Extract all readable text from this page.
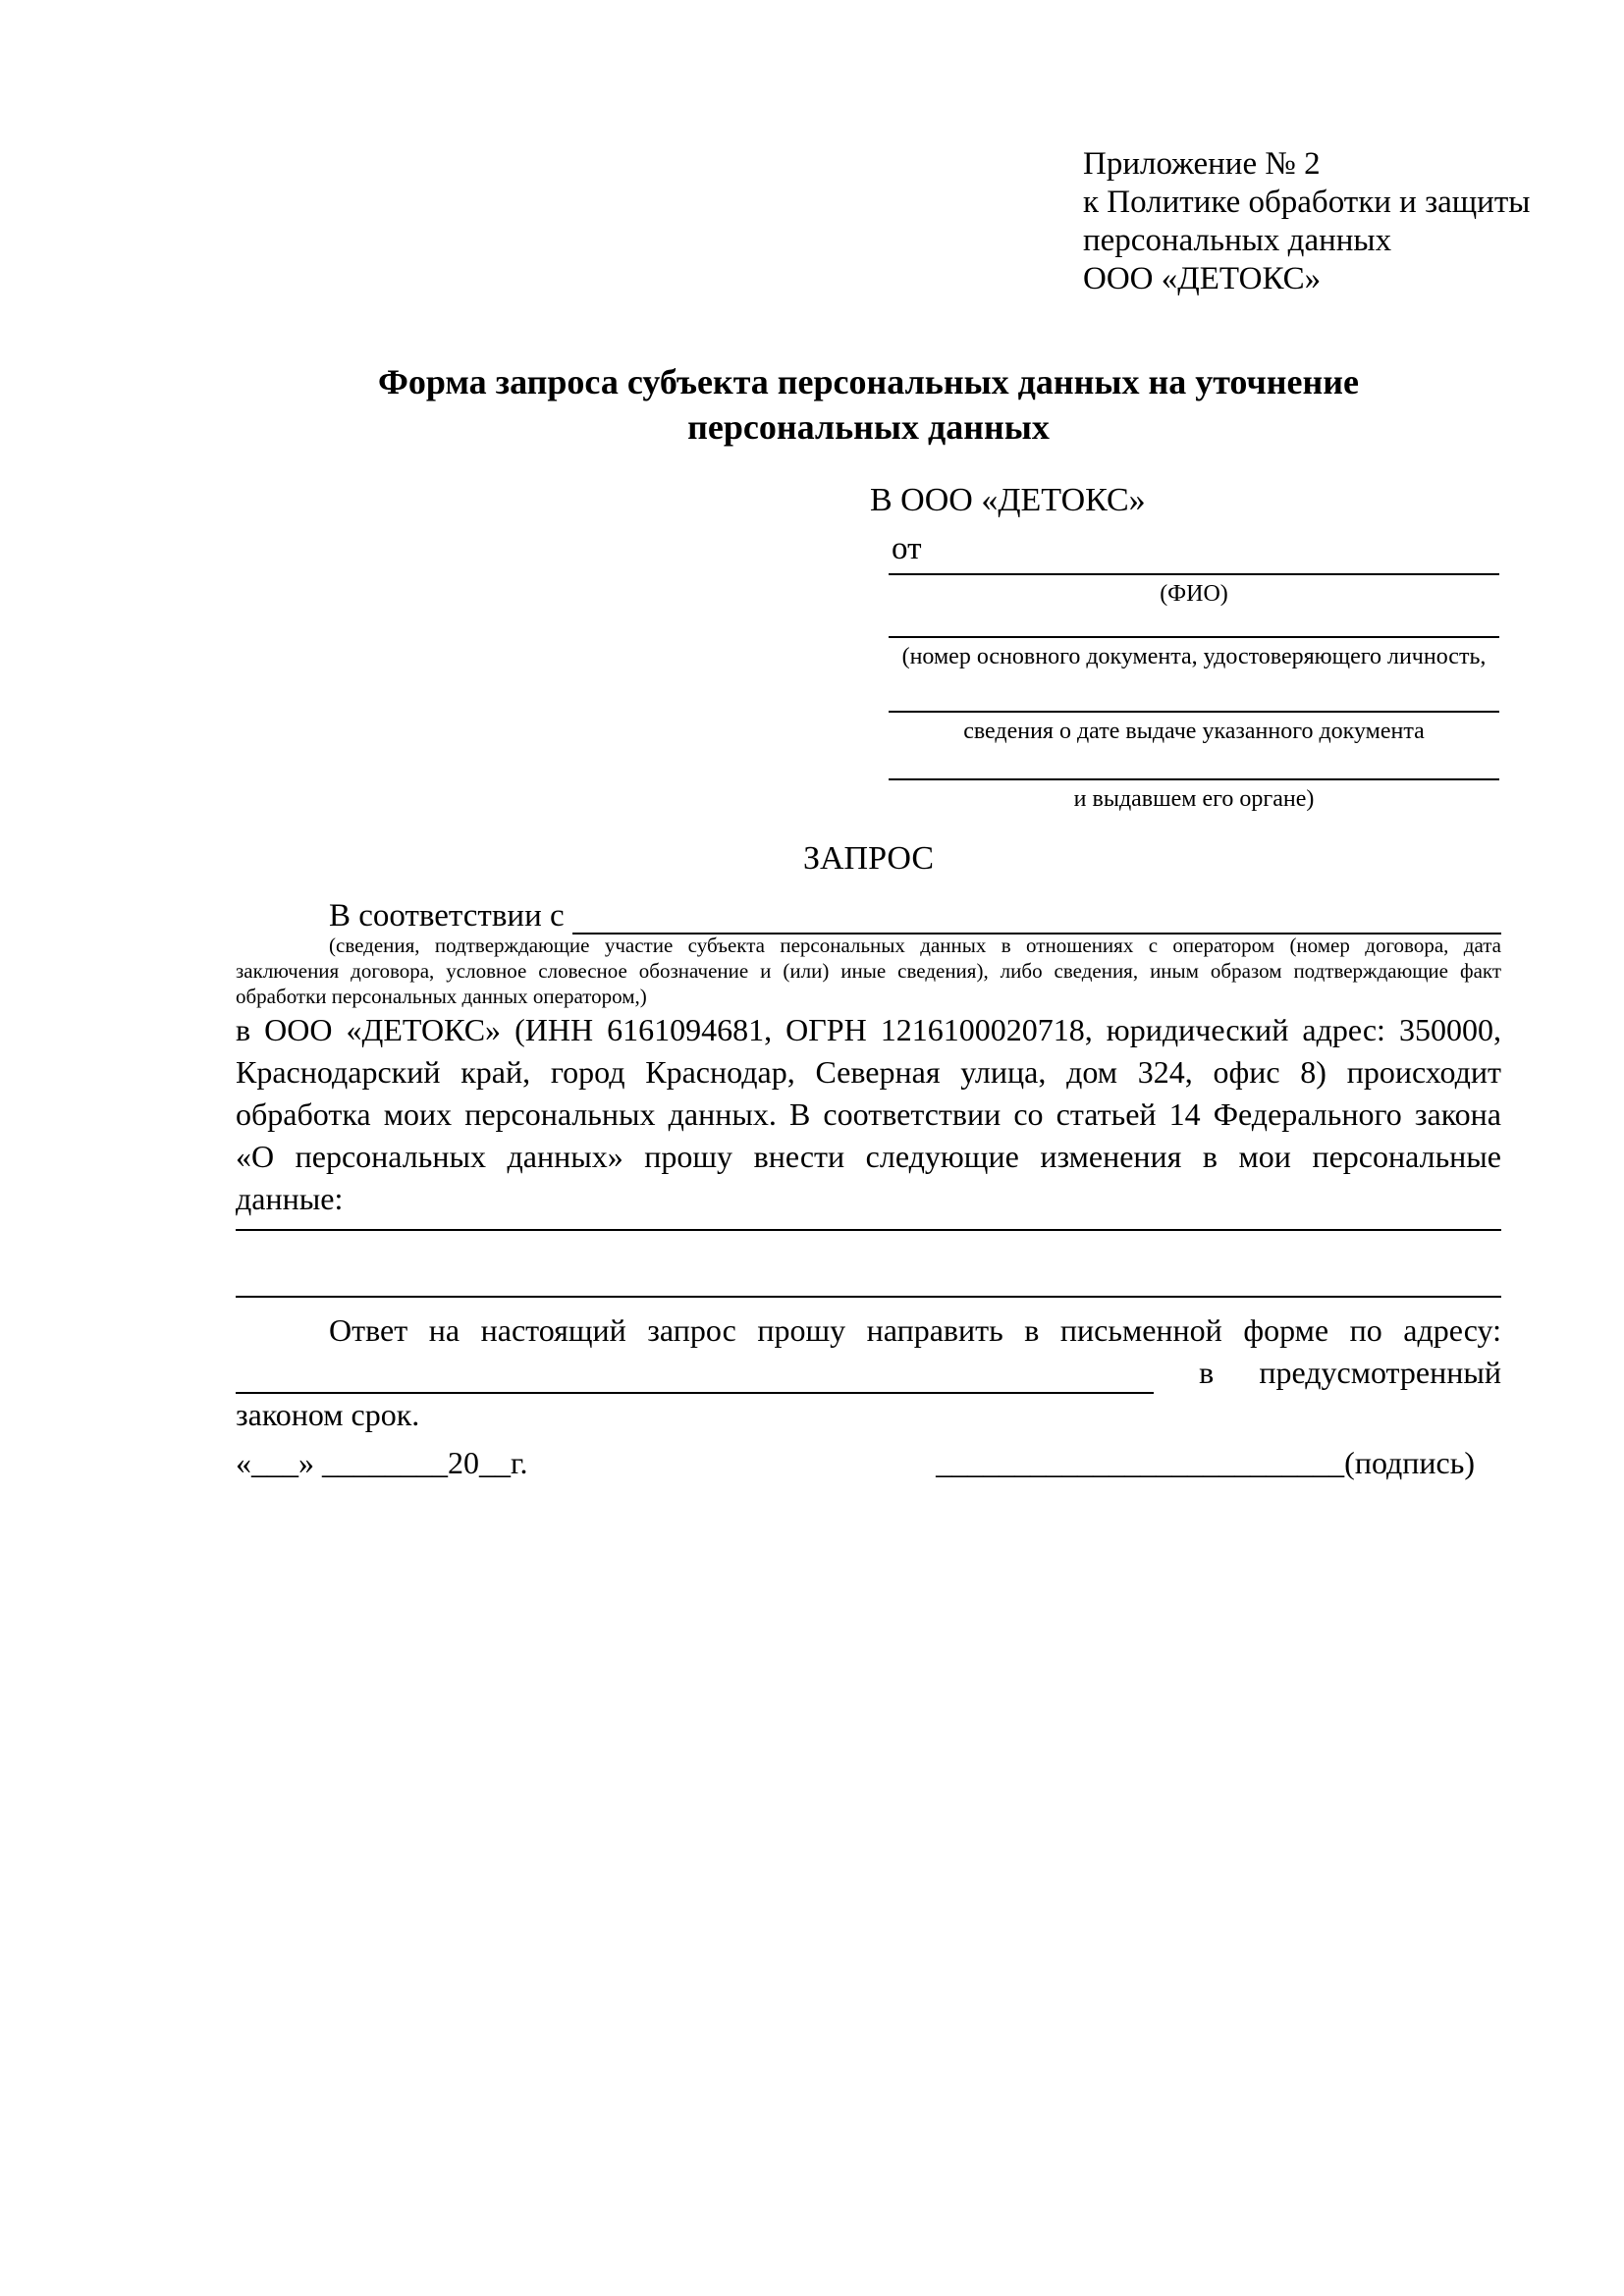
Приложение № 2
к Политике обработки и защиты
персональных данных
ООО «ДЕТОКС»
Форма запроса субъекта персональных данных на уточнение
персональных данных
В ООО «ДЕТОКС»
от
(ФИО)
(номер основного документа, удостоверяющего личность,
сведения о дате выдаче указанного документа
и выдавшем его органе)
ЗАПРОС
В соответствии с
(сведения, подтверждающие участие субъекта персональных данных в отношениях с оператором (номер договора, дата
заключения договора, условное словесное обозначение и (или) иные сведения), либо сведения, иным образом подтверждающие факт
обработки персональных данных оператором,)
в ООО «ДЕТОКС» (ИНН 6161094681, ОГРН 1216100020718, юридический адрес: 350000,
Краснодарский край, город Краснодар, Северная улица, дом 324, офис 8) происходит
обработка моих персональных данных. В соответствии со статьей 14 Федерального закона
«О персональных данных» прошу внести следующие изменения в мои персональные
данные:
Ответ на настоящий запрос прошу направить в письменной форме по адресу:
в предусмотренный
законом срок.
«___» ________20__г.	__________________________(подпись)
